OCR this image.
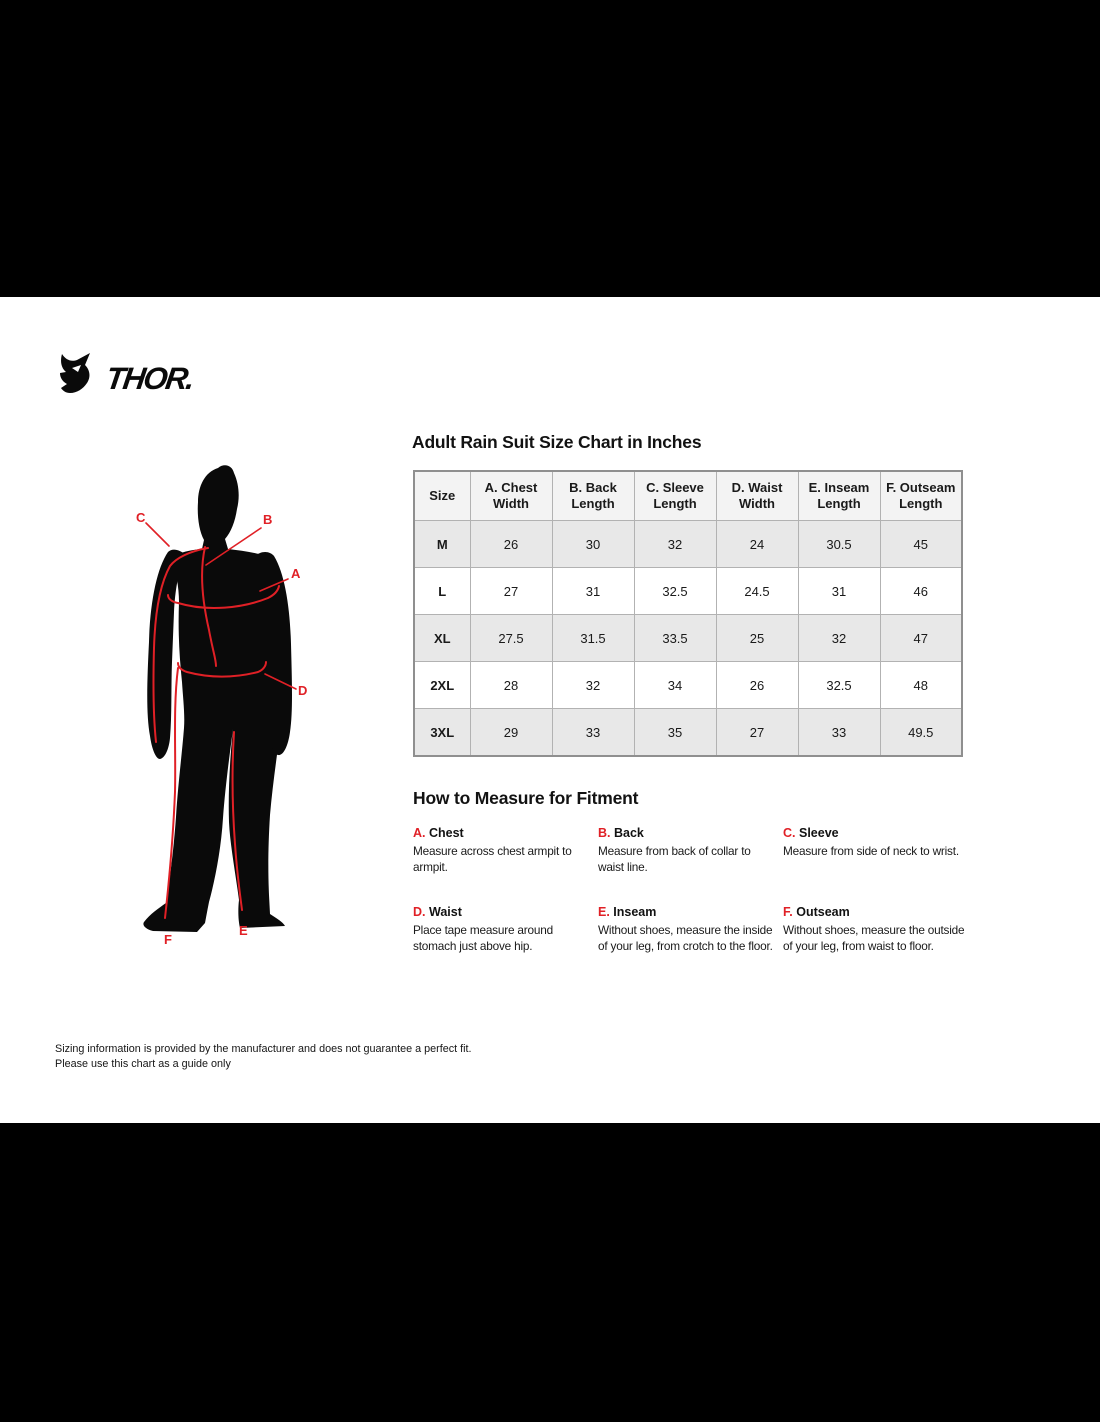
THOR.
A
B
C
D
E
F
Adult Rain Suit Size Chart in Inches
Size	A. Chest Width	B. Back Length	C. Sleeve Length	D. Waist Width	E. Inseam Length	F. Outseam Length
M	26	30	32	24	30.5	45
L	27	31	32.5	24.5	31	46
XL	27.5	31.5	33.5	25	32	47
2XL	28	32	34	26	32.5	48
3XL	29	33	35	27	33	49.5
How to Measure for Fitment
A. Chest
Measure across chest armpit to armpit.
B. Back
Measure from back of collar to waist line.
C. Sleeve
Measure from side of neck to wrist.
D. Waist
Place tape measure around stomach just above hip.
E. Inseam
Without shoes, measure the inside of your leg, from crotch to the floor.
F. Outseam
Without shoes, measure the outside of your leg, from waist to floor.
Sizing information is provided by the manufacturer and does not guarantee a perfect fit.
Please use this chart as a guide only
